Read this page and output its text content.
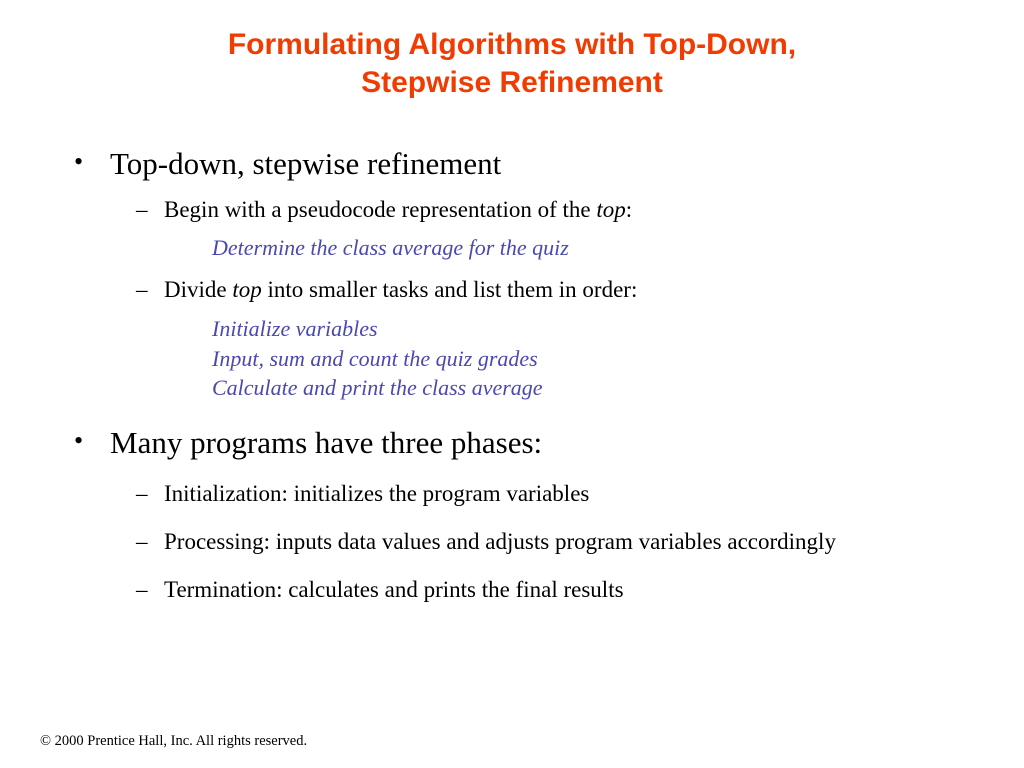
Formulating Algorithms with Top-Down,
Stepwise Refinement
• Top-down, stepwise refinement
– Begin with a pseudocode representation of the top:
Determine the class average for the quiz
– Divide top into smaller tasks and list them in order:
Initialize variables
Input, sum and count the quiz grades
Calculate and print the class average
• Many programs have three phases:
– Initialization: initializes the program variables
– Processing: inputs data values and adjusts program variables accordingly
– Termination: calculates and prints the final results
© 2000 Prentice Hall, Inc. All rights reserved.
